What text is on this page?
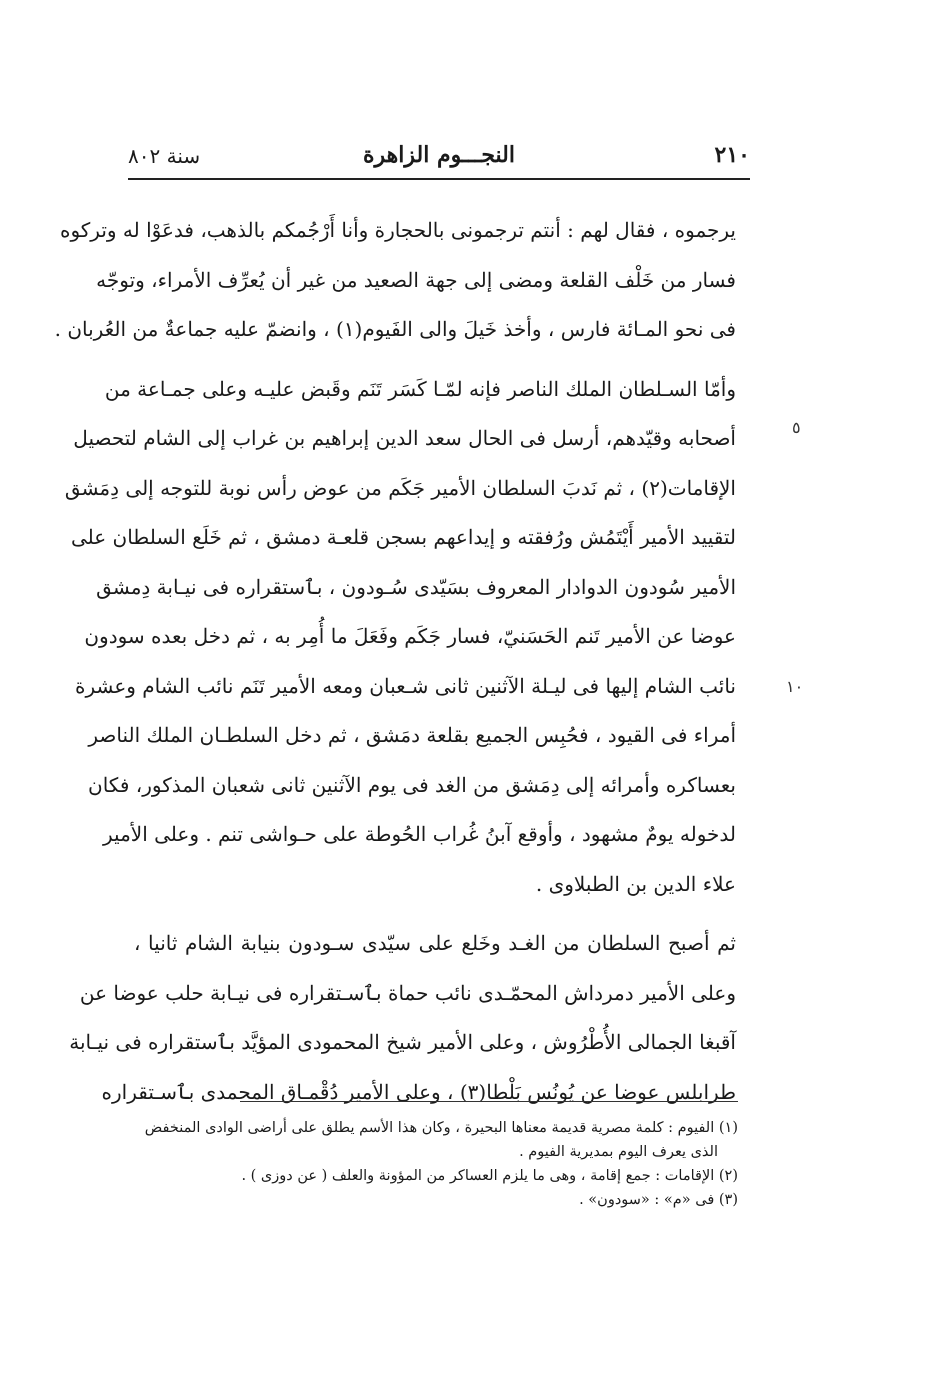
٢١٠
النجـــوم الزاهرة
سنة ٨٠٢
٥
١٠
يرجموه ، فقال لهم : أنتم ترجمونى بالحجارة وأنا أَرْجُمكم بالذهب، فدعَوْا له وتركوه
فسار من خَلْف القلعة ومضى إلى جهة الصعيد من غير أن يُعرِّف الأمراء، وتوجّه
فى نحو المـائة فارس ، وأخذ خَيلَ والى الفَيوم(١) ، وانضمّ عليه جماعةٌ من العُربان .
وأمّا السـلطان الملك الناصر فإنه لمّـا كَسَر تَنَم وقَبض عليـه وعلى جمـاعة من
أصحابه وقيّدهم، أرسل فى الحال سعد الدين إبراهيم بن غراب إلى الشام لتحصيل
الإقامات(٢) ، ثم نَدبَ السلطان الأمير جَكَم من عوض رأس نوبة للتوجه إلى دِمَشق
لتقييد الأمير أَيْتَمُش ورُفقته و إيداعهم بسجن قلعـة دمشق ، ثم خَلَع السلطان على
الأمير سُودون الدوادار المعروف بسَيّدى سُـودون ، بٱستقراره فى نيـابة دِمشق
عوضا عن الأمير تَنم الحَسَنيّ، فسار جَكَم وفَعَلَ ما أُمِر به ، ثم دخل بعده سودون
نائب الشام إليها فى ليـلة الآثنين ثانى شـعبان ومعه الأمير تَنَم نائب الشام وعشرة
أمراء فى القيود ، فحُبِس الجميع بقلعة دمَشق ، ثم دخل السلطـان الملك الناصر
بعساكره وأمرائه إلى دِمَشق من الغد فى يوم الآثنين ثانى شعبان المذكور، فكان
لدخوله يومٌ مشهود ، وأوقع آبنُ غُراب الحُوطة على حـواشى تنم . وعلى الأمير
علاء الدين بن الطبلاوى .
ثم أصبح السلطان من الغـد وخَلع على سيّدى سـودون بنيابة الشام ثانيا ،
وعلى الأمير دمرداش المحمّـدى نائب حماة بٱسـتقراره فى نيـابة حلب عوضا عن
آقبغا الجمالى الأُطْرُوش ، وعلى الأمير شيخ المحمودى المؤيَّد بٱستقراره فى نيـابة
طرابلس عوضا عن يُونُس بَلْطا(٣) ، وعلى الأمير دُقْمـاق المحمدى بٱسـتقراره
(١) الفيوم : كلمة مصرية قديمة معناها البحيرة ، وكان هذا الأسم يطلق على أراضى الوادى المنخفض
الذى يعرف اليوم بمديرية الفيوم .
(٢) الإقامات : جمع إقامة ، وهى ما يلزم العساكر من المؤونة والعلف ( عن دوزى ) .
(٣) فى «م» : «سودون» .
